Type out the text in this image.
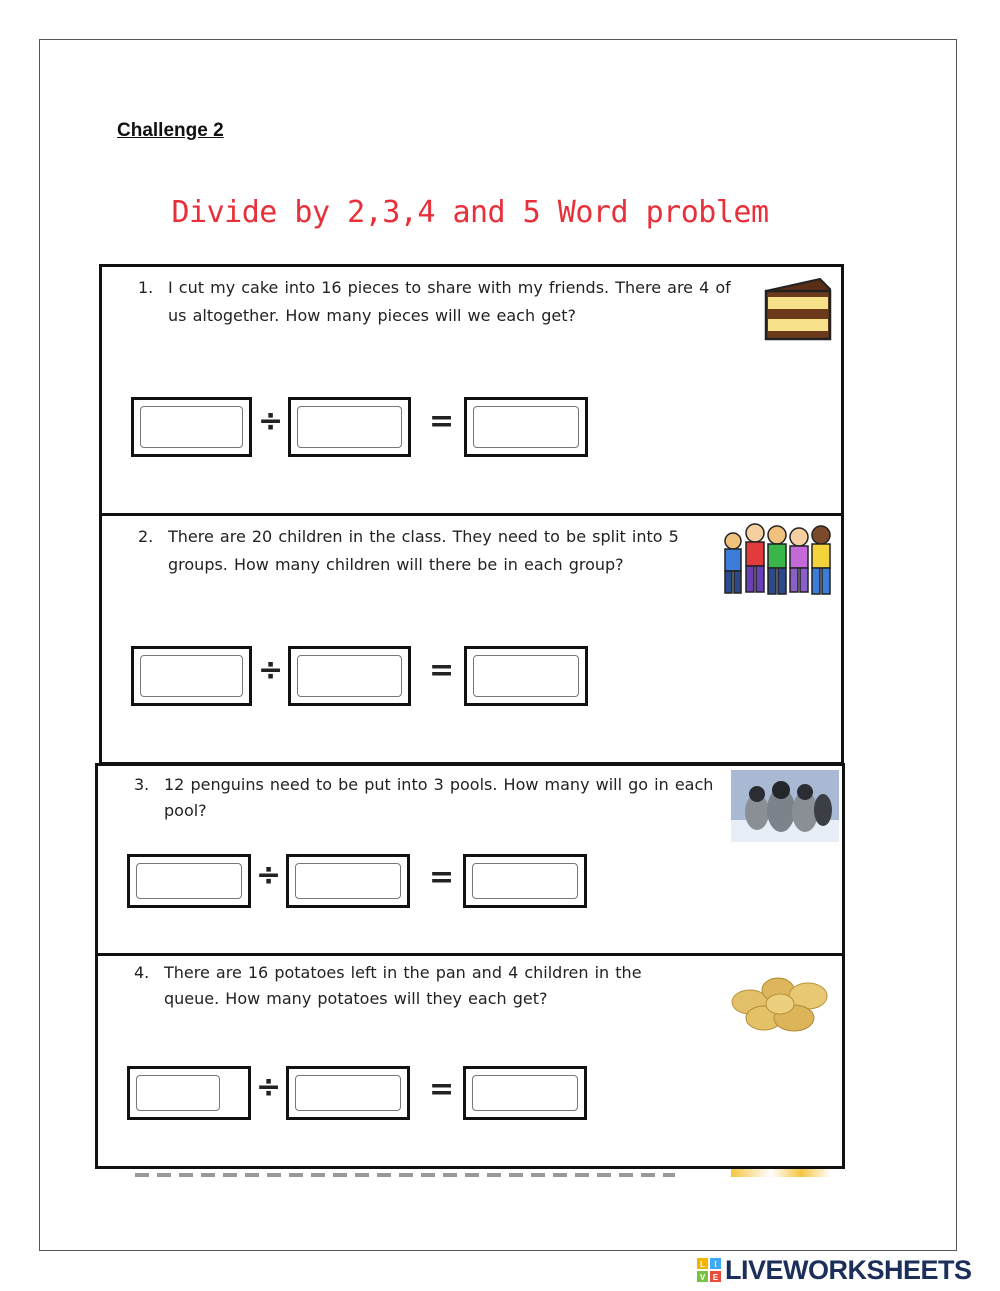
Challenge 2
Divide by 2,3,4 and 5 Word problem
1. I cut my cake into 16 pieces to share with my friends. There are 4 of
us altogether. How many pieces will we each get?
÷	=
2. There are 20 children in the class. They need to be split into 5
groups. How many children will there be in each group?
÷	=
3. 12 penguins need to be put into 3 pools. How many will go in each
pool?
÷	=
4. There are 16 potatoes left in the pan and 4 children in the
queue. How many potatoes will they each get?
÷	=
L I
V E LIVEWORKSHEETS
